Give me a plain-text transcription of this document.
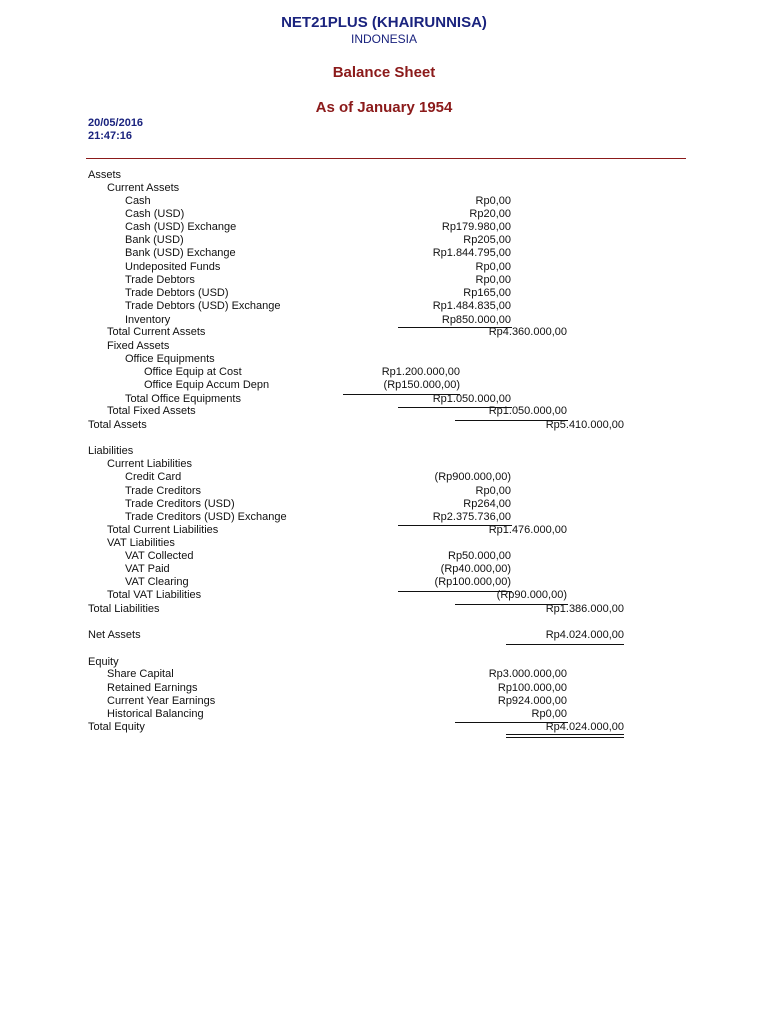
NET21PLUS (KHAIRUNNISA)
INDONESIA
Balance Sheet
As of January 1954
20/05/2016
21:47:16
Assets
Current Assets
Cash	Rp0,00
Cash (USD)	Rp20,00
Cash (USD) Exchange	Rp179.980,00
Bank (USD)	Rp205,00
Bank (USD) Exchange	Rp1.844.795,00
Undeposited Funds	Rp0,00
Trade Debtors	Rp0,00
Trade Debtors (USD)	Rp165,00
Trade Debtors (USD) Exchange	Rp1.484.835,00
Inventory	Rp850.000,00
Total Current Assets	Rp4.360.000,00
Fixed Assets
Office Equipments
Office Equip at Cost	Rp1.200.000,00
Office Equip Accum Depn	(Rp150.000,00)
Total Office Equipments	Rp1.050.000,00
Total Fixed Assets	Rp1.050.000,00
Total Assets	Rp5.410.000,00
Liabilities
Current Liabilities
Credit Card	(Rp900.000,00)
Trade Creditors	Rp0,00
Trade Creditors (USD)	Rp264,00
Trade Creditors (USD) Exchange	Rp2.375.736,00
Total Current Liabilities	Rp1.476.000,00
VAT Liabilities
VAT Collected	Rp50.000,00
VAT Paid	(Rp40.000,00)
VAT Clearing	(Rp100.000,00)
Total VAT Liabilities	(Rp90.000,00)
Total Liabilities	Rp1.386.000,00
Net Assets	Rp4.024.000,00
Equity
Share Capital	Rp3.000.000,00
Retained Earnings	Rp100.000,00
Current Year Earnings	Rp924.000,00
Historical Balancing	Rp0,00
Total Equity	Rp4.024.000,00
